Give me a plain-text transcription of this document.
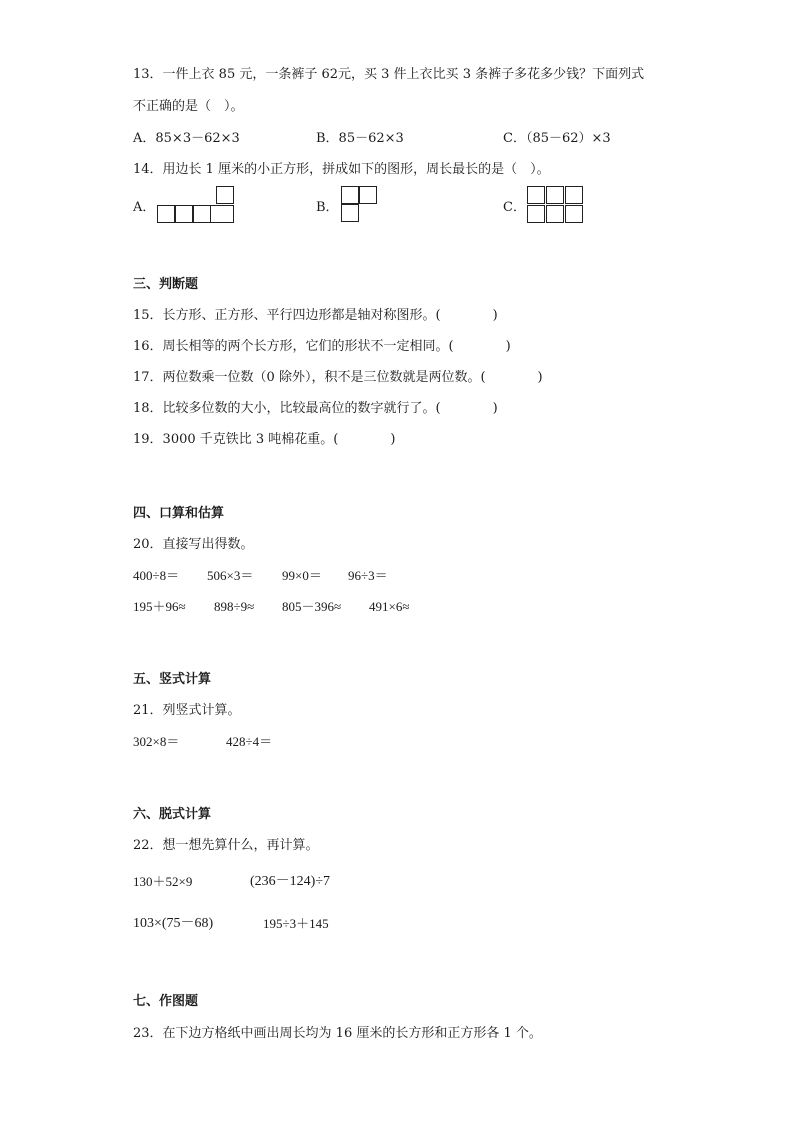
13．一件上衣 85 元，一条裤子 62元，买 3 件上衣比买 3 条裤子多花多少钱？下面列式
不正确的是（　）。
A．85×3－62×3	B．85－62×3	C．（85－62）×3
14．用边长 1 厘米的小正方形，拼成如下的图形，周长最长的是（　）。
A．	B．	C．
三、判断题
15．长方形、正方形、平行四边形都是轴对称图形。(　　　　)
16．周长相等的两个长方形，它们的形状不一定相同。(　　　　)
17．两位数乘一位数（0 除外），积不是三位数就是两位数。(　　　　)
18．比较多位数的大小，比较最高位的数字就行了。(　　　　)
19．3000 千克铁比 3 吨棉花重。(　　　　)
四、口算和估算
20．直接写出得数。
400÷8＝ 506×3＝ 99×0＝ 96÷3＝
195＋96≈ 898÷9≈ 805－396≈ 491×6≈
五、竖式计算
21．列竖式计算。
302×8＝	428÷4＝
六、脱式计算
22．想一想先算什么，再计算。
130＋52×9	(236－124)÷7
103×(75－68)	195÷3＋145
七、作图题
23．在下边方格纸中画出周长均为 16 厘米的长方形和正方形各 1 个。
